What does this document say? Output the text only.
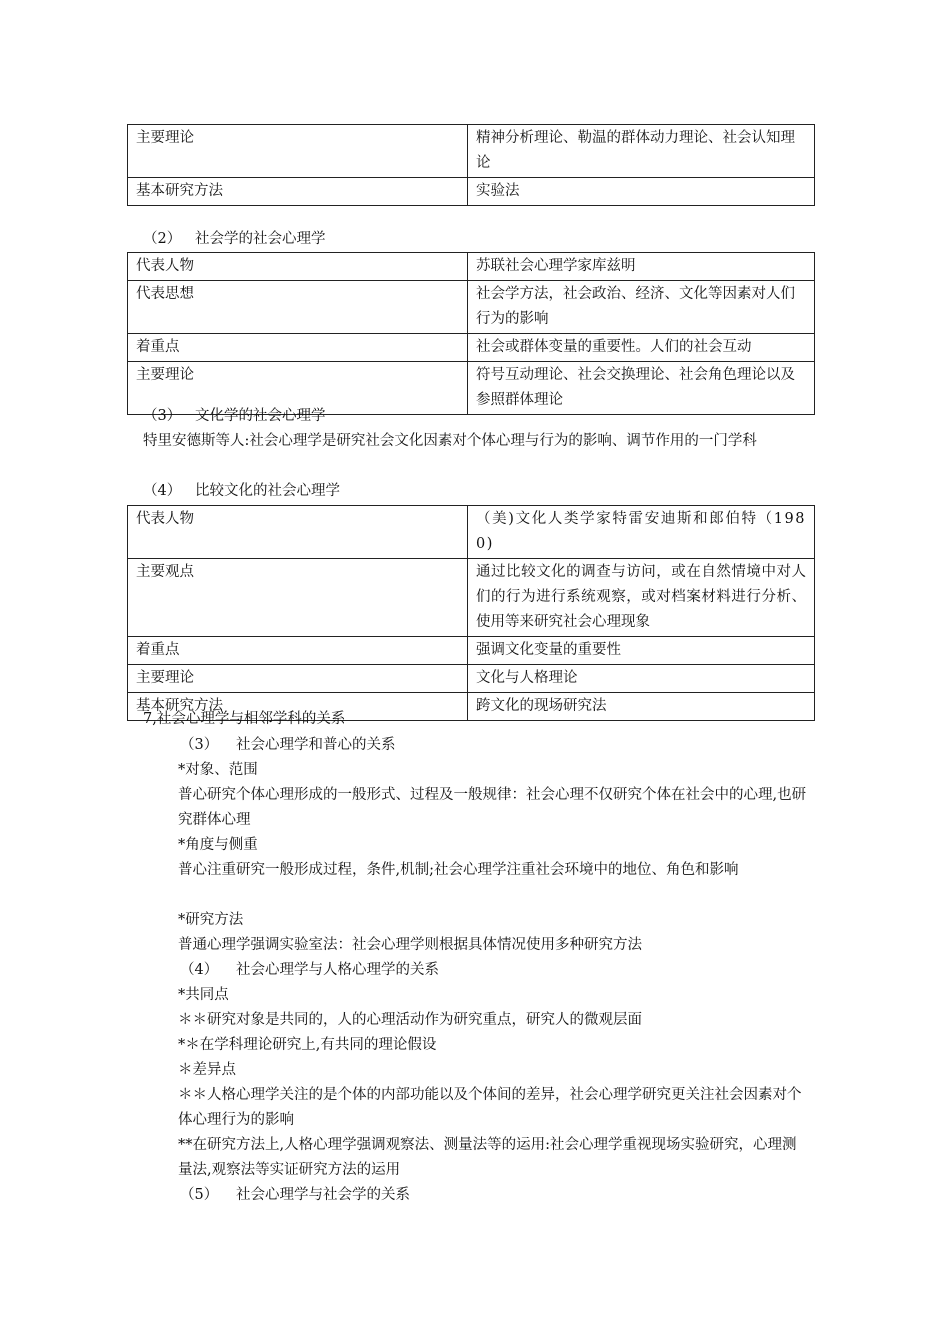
主要理论	精神分析理论、勒温的群体动力理论、社会认知理论
基本研究方法	实验法
（2） 社会学的社会心理学
代表人物	苏联社会心理学家库兹明
代表思想	社会学方法，社会政治、经济、文化等因素对人们行为的影响
着重点	社会或群体变量的重要性。人们的社会互动
主要理论	符号互动理论、社会交换理论、社会角色理论以及参照群体理论
（3） 文化学的社会心理学
特里安德斯等人:社会心理学是研究社会文化因素对个体心理与行为的影响、调节作用的一门学科
（4） 比较文化的社会心理学
代表人物	（美)文化人类学家特雷安迪斯和郎伯特（198 0)
主要观点	通过比较文化的调查与访问，或在自然情境中对人们的行为进行系统观察，或对档案材料进行分析、使用等来研究社会心理现象
着重点	强调文化变量的重要性
主要理论	文化与人格理论
基本研究方法	跨文化的现场研究法
7,社会心理学与相邻学科的关系
（3） 社会心理学和普心的关系
*对象、范围
普心研究个体心理形成的一般形式、过程及一般规律：社会心理不仅研究个体在社会中的心理,也研究群体心理
*角度与侧重
普心注重研究一般形成过程，条件,机制;社会心理学注重社会环境中的地位、角色和影响
*研究方法
普通心理学强调实验室法：社会心理学则根据具体情况使用多种研究方法
（4） 社会心理学与人格心理学的关系
*共同点
＊＊研究对象是共同的，人的心理活动作为研究重点，研究人的微观层面
*＊在学科理论研究上,有共同的理论假设
＊差异点
＊＊人格心理学关注的是个体的内部功能以及个体间的差异，社会心理学研究更关注社会因素对个体心理行为的影响
**在研究方法上,人格心理学强调观察法、测量法等的运用:社会心理学重视现场实验研究，心理测量法,观察法等实证研究方法的运用
（5） 社会心理学与社会学的关系
